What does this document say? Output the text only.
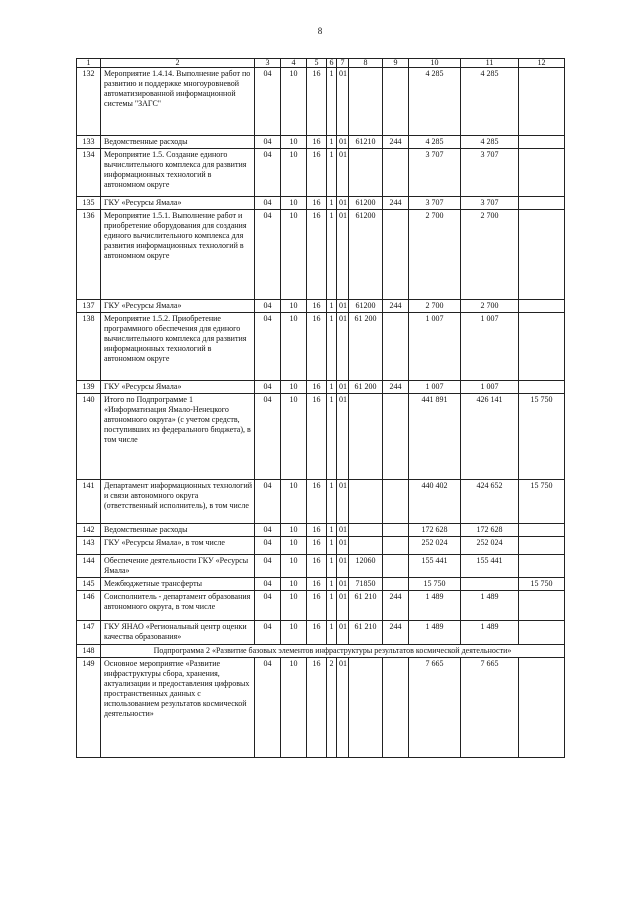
8
1	2	3	4	5	6	7	8	9	10	11	12
132	Мероприятие 1.4.14. Выполнение работ по развитию и поддержке многоуровневой автоматизированной информационной системы "ЗАГС"	04	10	16	1	01			4 285	4 285	
133	Ведомственные расходы	04	10	16	1	01	61210	244	4 285	4 285	
134	Мероприятие 1.5. Создание единого вычислительного комплекса для развития информационных технологий в автономном округе	04	10	16	1	01			3 707	3 707	
135	ГКУ «Ресурсы Ямала»	04	10	16	1	01	61200	244	3 707	3 707	
136	Мероприятие 1.5.1. Выполнение работ и приобретение оборудования для создания единого вычислительного комплекса для развития информационных технологий в автономном округе	04	10	16	1	01	61200		2 700	2 700	
137	ГКУ «Ресурсы Ямала»	04	10	16	1	01	61200	244	2 700	2 700	
138	Мероприятие 1.5.2. Приобретение программного обеспечения для единого вычислительного комплекса для развития информационных технологий в автономном округе	04	10	16	1	01	61 200		1 007	1 007	
139	ГКУ «Ресурсы Ямала»	04	10	16	1	01	61 200	244	1 007	1 007	
140	Итого по Подпрограмме 1 «Информатизация Ямало-Ненецкого автономного округа» (с учетом средств, поступивших из федерального бюджета), в том числе	04	10	16	1	01			441 891	426 141	15 750
141	Департамент информационных технологий и связи автономного округа (ответственный исполнитель), в том числе	04	10	16	1	01			440 402	424 652	15 750
142	Ведомственные расходы	04	10	16	1	01			172 628	172 628	
143	ГКУ «Ресурсы Ямала», в том числе	04	10	16	1	01			252 024	252 024	
144	Обеспечение деятельности ГКУ «Ресурсы Ямала»	04	10	16	1	01	12060		155 441	155 441	
145	Межбюджетные трансферты	04	10	16	1	01	71850		15 750		15 750
146	Соисполнитель - департамент образования автономного округа, в том числе	04	10	16	1	01	61 210	244	1 489	1 489	
147	ГКУ ЯНАО «Региональный центр оценки качества образования»	04	10	16	1	01	61 210	244	1 489	1 489	
148	Подпрограмма 2 «Развитие базовых элементов инфраструктуры результатов космической деятельности»										
149	Основное мероприятие «Развитие инфраструктуры сбора, хранения, актуализации и предоставления цифровых пространственных данных с использованием результатов космической деятельности»	04	10	16	2	01			7 665	7 665	
